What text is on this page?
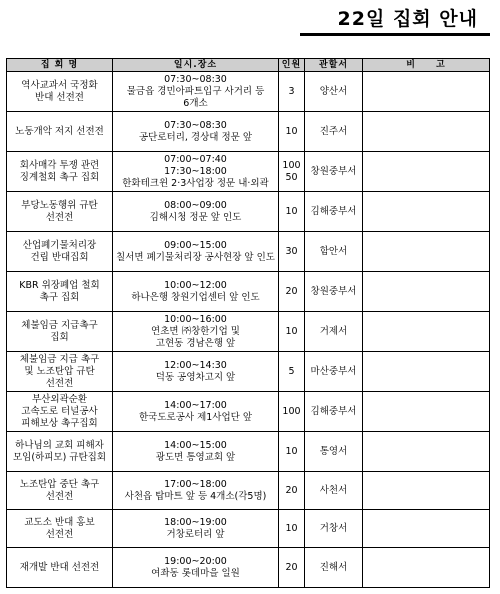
22일 집회 안내
집 회 명	일시.장소	인원	관할서	비　　고

역사교과서 국정화
반대 선전전	07:30~08:30
물금읍 경민아파트입구 사거리 등
6개소	3	양산서	

노동개악 저지 선전전	07:30~08:30
공단로터리, 경상대 정문 앞	10	진주서	

회사매각 투쟁 관련
징계철회 촉구 집회	07:00~07:40
17:30~18:00
한화테크윈 2·3사업장 정문 내·외곽	100
50	창원중부서	

부당노동행위 규탄
선전전	08:00~09:00
김해시청 정문 앞 인도	10	김해중부서	

산업폐기물처리장
건립 반대집회	09:00~15:00
칠서면 폐기물처리장 공사현장 앞 인도	30	함안서	

KBR 위장폐업 철회
촉구 집회	10:00~12:00
하나은행 창원기업센터 앞 인도	20	창원중부서	

체불임금 지급촉구
집회	10:00~16:00
연초면 ㈜창한기업 및
고현동 경남은행 앞	10	거제서	

체불임금 지급 촉구
및 노조탄압 규탄
선전전	12:00~14:30
덕동 공영차고지 앞	5	마산중부서	

부산외곽순환
고속도로 터널공사
피해보상 촉구집회	14:00~17:00
한국도로공사 제1사업단 앞	100	김해중부서	

하나님의 교회 피해자
모임(하피모) 규탄집회	14:00~15:00
광도면 통영교회 앞	10	통영서	

노조탄압 중단 촉구
선전전	17:00~18:00
사천읍 탑마트 앞 등 4개소(각5명)	20	사천서	

교도소 반대 홍보
선전전	18:00~19:00
거창로터리 앞	10	거창서	

재개발 반대 선전전	19:00~20:00
여좌동 롯데마을 일원	20	진해서	
